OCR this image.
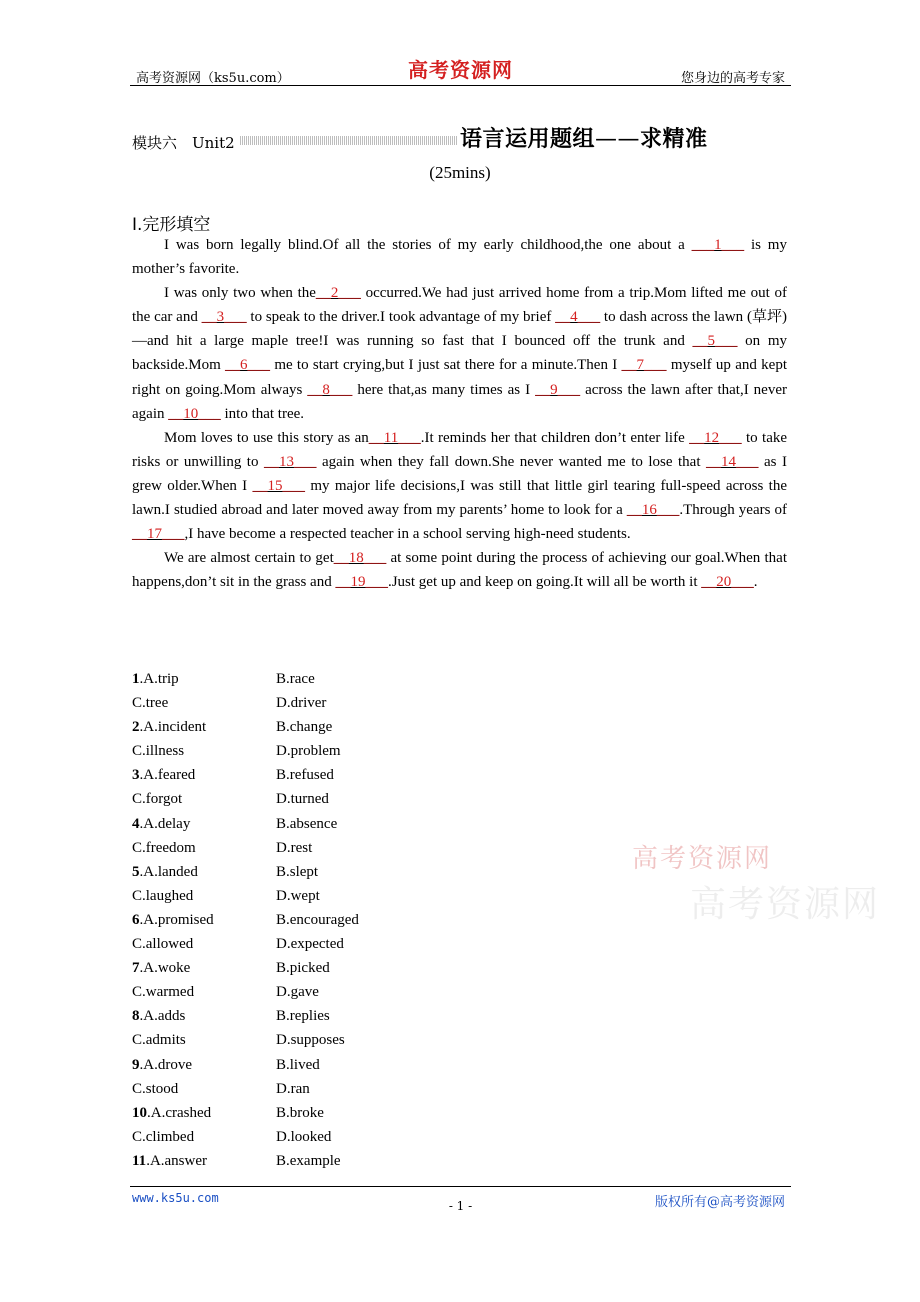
高考资源网（ks5u.com）	高考资源网	您身边的高考专家
模块六　Unit2	语言运用题组——求精准
(25mins)
Ⅰ.完形填空

I was born legally blind.Of all the stories of my early childhood,the one about a ___1___ is my mother’s favorite.

I was only two when the__2___ occurred.We had just arrived home from a trip.Mom lifted me out of the car and __3___ to speak to the driver.I took advantage of my brief __4___ to dash across the lawn (草坪)—and hit a large maple tree!I was running so fast that I bounced off the trunk and __5___ on my backside.Mom __6___ me to start crying,but I just sat there for a minute.Then I __7___ myself up and kept right on going.Mom always __8___ here that,as many times as I __9___ across the lawn after that,I never again __10___ into that tree.

Mom loves to use this story as an__11___.It reminds her that children don’t enter life __12___ to take risks or unwilling to __13___ again when they fall down.She never wanted me to lose that __14___ as I grew older.When I __15___ my major life decisions,I was still that little girl tearing full-speed across the lawn.I studied abroad and later moved away from my parents’ home to look for a __16___.Through years of __17___,I have become a respected teacher in a school serving high-need students.

We are almost certain to get__18___ at some point during the process of achieving our goal.When that happens,don’t sit in the grass and __19___.Just get up and keep on going.It will all be worth it __20___.

1.A.trip	B.race
C.tree	D.driver
2.A.incident	B.change
C.illness	D.problem
3.A.feared	B.refused
C.forgot	D.turned
4.A.delay	B.absence
C.freedom	D.rest
5.A.landed	B.slept
C.laughed	D.wept
6.A.promised	B.encouraged
C.allowed	D.expected
7.A.woke	B.picked
C.warmed	D.gave
8.A.adds	B.replies
C.admits	D.supposes
9.A.drove	B.lived
C.stood	D.ran
10.A.crashed	B.broke
C.climbed	D.looked
11.A.answer	B.example
高考资源网
高考资源网
www.ks5u.com
- 1 -	版权所有@高考资源网
